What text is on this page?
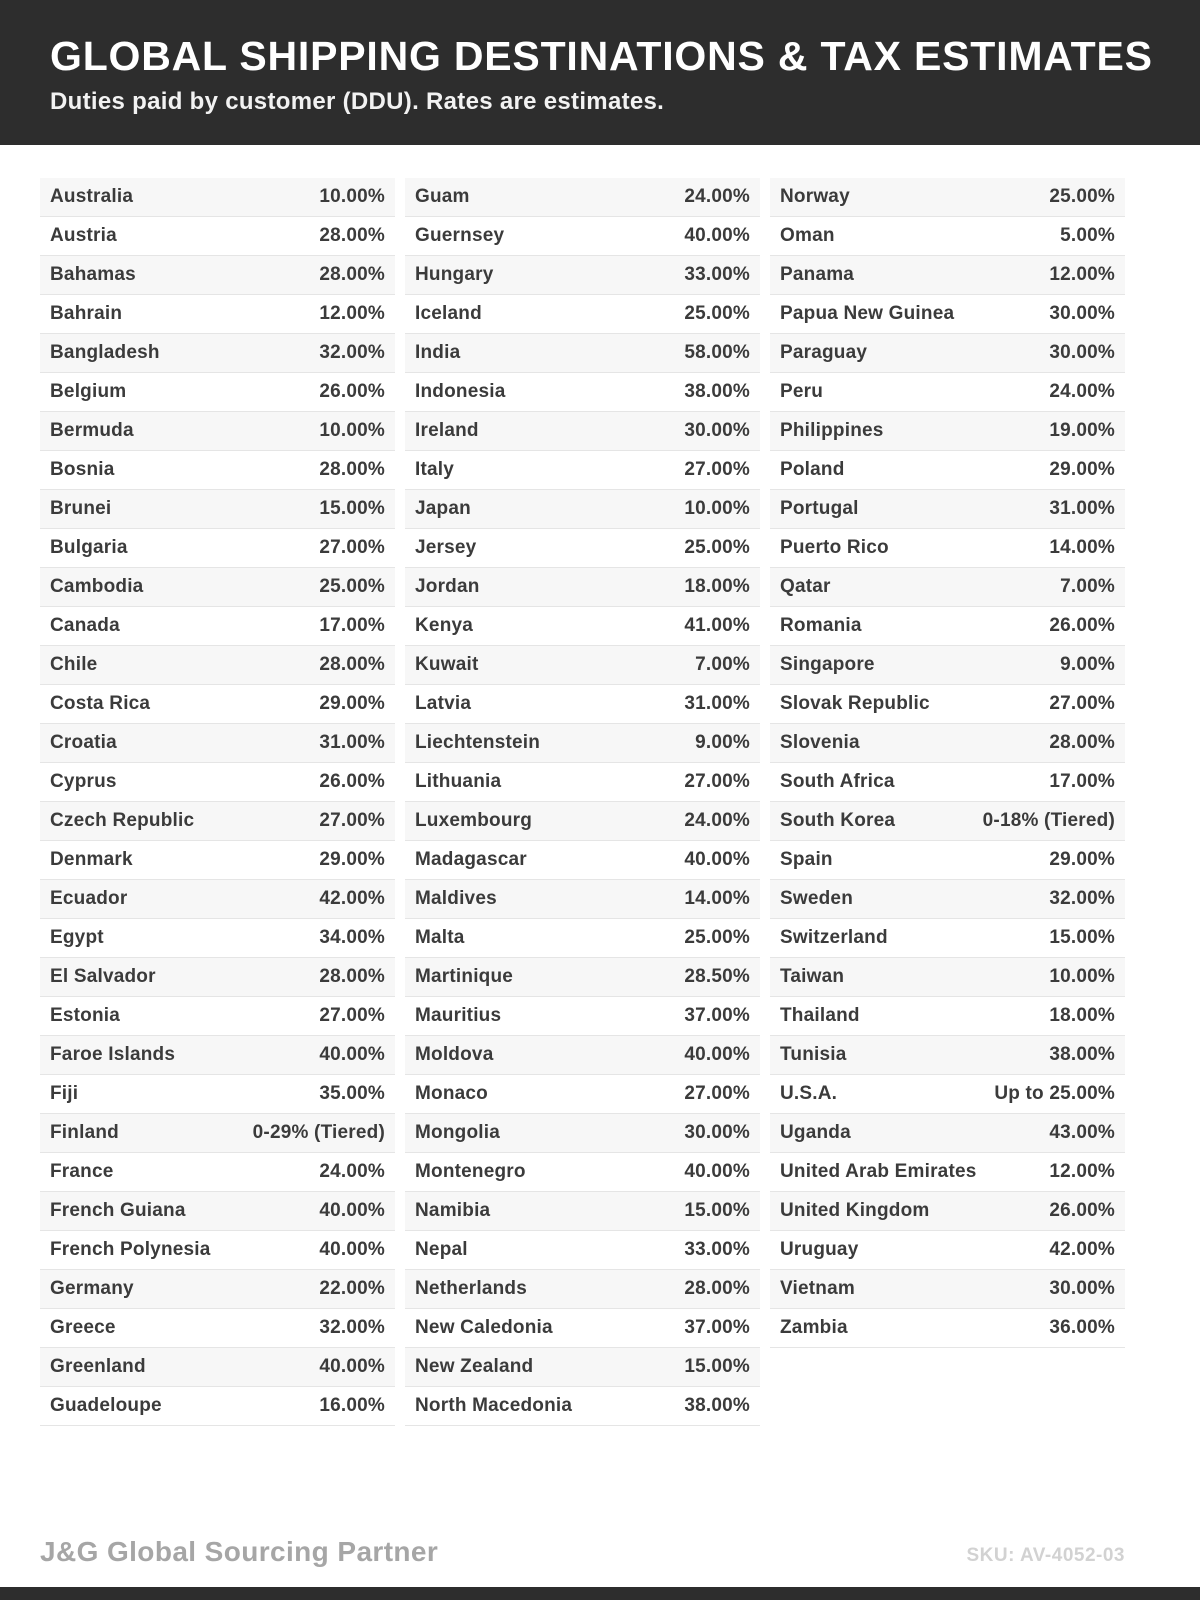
GLOBAL SHIPPING DESTINATIONS & TAX ESTIMATES

Duties paid by customer (DDU). Rates are estimates.

Australia	10.00%
Austria	28.00%
Bahamas	28.00%
Bahrain	12.00%
Bangladesh	32.00%
Belgium	26.00%
Bermuda	10.00%
Bosnia	28.00%
Brunei	15.00%
Bulgaria	27.00%
Cambodia	25.00%
Canada	17.00%
Chile	28.00%
Costa Rica	29.00%
Croatia	31.00%
Cyprus	26.00%
Czech Republic	27.00%
Denmark	29.00%
Ecuador	42.00%
Egypt	34.00%
El Salvador	28.00%
Estonia	27.00%
Faroe Islands	40.00%
Fiji	35.00%
Finland	0-29% (Tiered)
France	24.00%
French Guiana	40.00%
French Polynesia	40.00%
Germany	22.00%
Greece	32.00%
Greenland	40.00%
Guadeloupe	16.00%
Guam	24.00%
Guernsey	40.00%
Hungary	33.00%
Iceland	25.00%
India	58.00%
Indonesia	38.00%
Ireland	30.00%
Italy	27.00%
Japan	10.00%
Jersey	25.00%
Jordan	18.00%
Kenya	41.00%
Kuwait	7.00%
Latvia	31.00%
Liechtenstein	9.00%
Lithuania	27.00%
Luxembourg	24.00%
Madagascar	40.00%
Maldives	14.00%
Malta	25.00%
Martinique	28.50%
Mauritius	37.00%
Moldova	40.00%
Monaco	27.00%
Mongolia	30.00%
Montenegro	40.00%
Namibia	15.00%
Nepal	33.00%
Netherlands	28.00%
New Caledonia	37.00%
New Zealand	15.00%
North Macedonia	38.00%
Norway	25.00%
Oman	5.00%
Panama	12.00%
Papua New Guinea	30.00%
Paraguay	30.00%
Peru	24.00%
Philippines	19.00%
Poland	29.00%
Portugal	31.00%
Puerto Rico	14.00%
Qatar	7.00%
Romania	26.00%
Singapore	9.00%
Slovak Republic	27.00%
Slovenia	28.00%
South Africa	17.00%
South Korea	0-18% (Tiered)
Spain	29.00%
Sweden	32.00%
Switzerland	15.00%
Taiwan	10.00%
Thailand	18.00%
Tunisia	38.00%
U.S.A.	Up to 25.00%
Uganda	43.00%
United Arab Emirates	12.00%
United Kingdom	26.00%
Uruguay	42.00%
Vietnam	30.00%
Zambia	36.00%
J&G Global Sourcing Partner	SKU: AV-4052-03
